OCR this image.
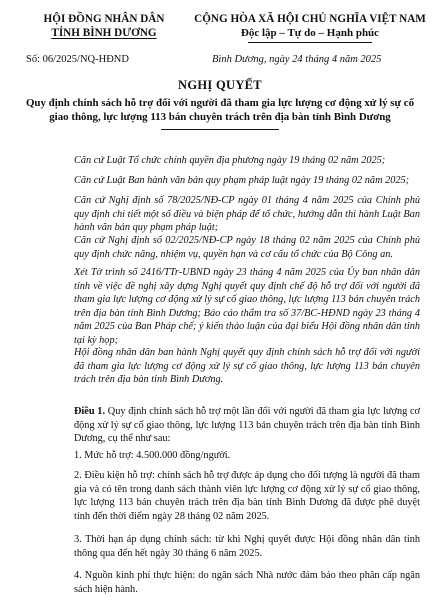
HỘI ĐỒNG NHÂN DÂN
TỈNH BÌNH DƯƠNG
CỘNG HÒA XÃ HỘI CHỦ NGHĨA VIỆT NAM
Độc lập – Tự do – Hạnh phúc
Số: 06/2025/NQ-HĐND	Bình Dương, ngày 24 tháng 4 năm 2025
NGHỊ QUYẾT
Quy định chính sách hỗ trợ đối với người đã tham gia lực lượng cơ động xử lý sự cố giao thông, lực lượng 113 bán chuyên trách trên địa bàn tỉnh Bình Dương
Căn cứ Luật Tổ chức chính quyền địa phương ngày 19 tháng 02 năm 2025;
Căn cứ Luật Ban hành văn bản quy phạm pháp luật ngày 19 tháng 02 năm 2025;
Căn cứ Nghị định số 78/2025/NĐ-CP ngày 01 tháng 4 năm 2025 của Chính phủ quy định chi tiết một số điều và biện pháp để tổ chức, hướng dẫn thi hành Luật Ban hành văn bản quy phạm pháp luật;
Căn cứ Nghị định số 02/2025/NĐ-CP ngày 18 tháng 02 năm 2025 của Chính phủ quy định chức năng, nhiệm vụ, quyền hạn và cơ cấu tổ chức của Bộ Công an.
Xét Tờ trình số 2416/TTr-UBND ngày 23 tháng 4 năm 2025 của Ủy ban nhân dân tỉnh về việc đề nghị xây dựng Nghị quyết quy định chế độ hỗ trợ đối với người đã tham gia lực lượng cơ động xử lý sự cố giao thông, lực lượng 113 bán chuyên trách trên địa bàn tỉnh Bình Dương; Báo cáo thẩm tra số 37/BC-HĐND ngày 23 tháng 4 năm 2025 của Ban Pháp chế; ý kiến thảo luận của đại biểu Hội đồng nhân dân tỉnh tại kỳ họp;
Hội đồng nhân dân ban hành Nghị quyết quy định chính sách hỗ trợ đối với người đã tham gia lực lượng cơ động xử lý sự cố giao thông, lực lượng 113 bán chuyên trách trên địa bàn tỉnh Bình Dương.
Điều 1. Quy định chính sách hỗ trợ một lần đối với người đã tham gia lực lượng cơ động xử lý sự cố giao thông, lực lượng 113 bán chuyên trách trên địa bàn tỉnh Bình Dương, cụ thể như sau:
1. Mức hỗ trợ: 4.500.000 đồng/người.
2. Điều kiện hỗ trợ: chính sách hỗ trợ được áp dụng cho đối tượng là người đã tham gia và có tên trong danh sách thành viên lực lượng cơ động xử lý sự cố giao thông, lực lượng 113 bán chuyên trách trên địa bàn tỉnh Bình Dương đã được phê duyệt tính đến thời điểm ngày 28 tháng 02 năm 2025.
3. Thời hạn áp dụng chính sách: từ khi Nghị quyết được Hội đồng nhân dân tỉnh thông qua đến hết ngày 30 tháng 6 năm 2025.
4. Nguồn kinh phí thực hiện: do ngân sách Nhà nước đảm bảo theo phân cấp ngân sách hiện hành.
